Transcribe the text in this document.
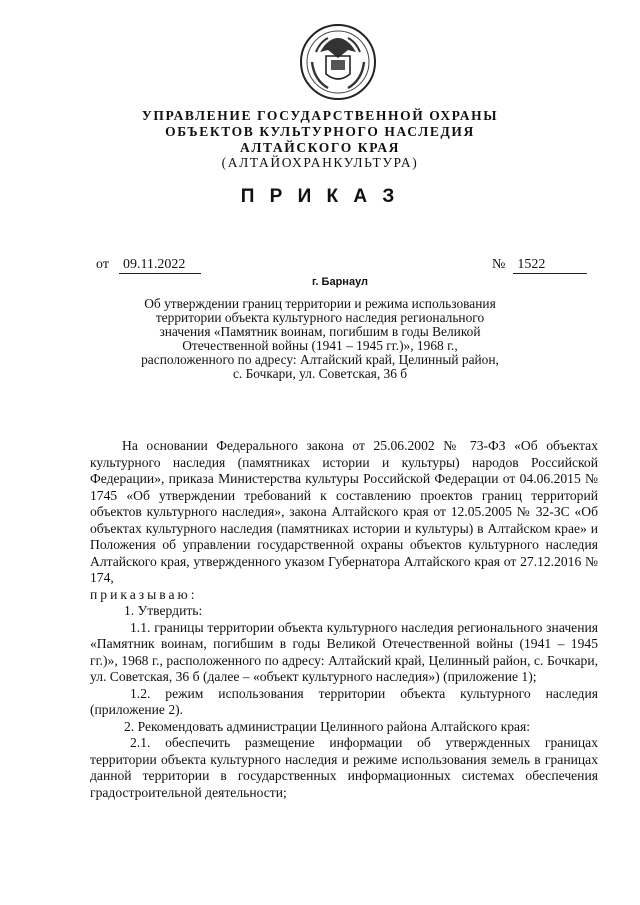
УПРАВЛЕНИЕ ГОСУДАРСТВЕННОЙ ОХРАНЫ
ОБЪЕКТОВ КУЛЬТУРНОГО НАСЛЕДИЯ
АЛТАЙСКОГО КРАЯ
(АЛТАЙОХРАНКУЛЬТУРА)
П Р И К А З
от 09.11.2022	№ 1522
г. Барнаул
Об утверждении границ территории и режима использования
территории объекта культурного наследия регионального
значения «Памятник воинам, погибшим в годы Великой
Отечественной войны (1941 – 1945 гг.)», 1968 г.,
расположенного по адресу: Алтайский край, Целинный район,
с. Бочкари, ул. Советская, 36 б

На основании Федерального закона от 25.06.2002 № 73-ФЗ «Об объектах культурного наследия (памятниках истории и культуры) народов Российской Федерации», приказа Министерства культуры Российской Федерации от 04.06.2015 № 1745 «Об утверждении требований к составлению проектов границ территорий объектов культурного наследия», закона Алтайского края от 12.05.2005 № 32-ЗС «Об объектах культурного наследия (памятниках истории и культуры) в Алтайском крае» и Положения об управлении государственной охраны объектов культурного наследия Алтайского края, утвержденного указом Губернатора Алтайского края от 27.12.2016 № 174,

приказываю:

1. Утвердить:

1.1. границы территории объекта культурного наследия регионального значения «Памятник воинам, погибшим в годы Великой Отечественной войны (1941 – 1945 гг.)», 1968 г., расположенного по адресу: Алтайский край, Целинный район, с. Бочкари, ул. Советская, 36 б (далее – «объект культурного наследия») (приложение 1);

1.2. режим использования территории объекта культурного наследия (приложение 2).

2. Рекомендовать администрации Целинного района Алтайского края:

2.1. обеспечить размещение информации об утвержденных границах территории объекта культурного наследия и режиме использования земель в границах данной территории в государственных информационных системах обеспечения градостроительной деятельности;
